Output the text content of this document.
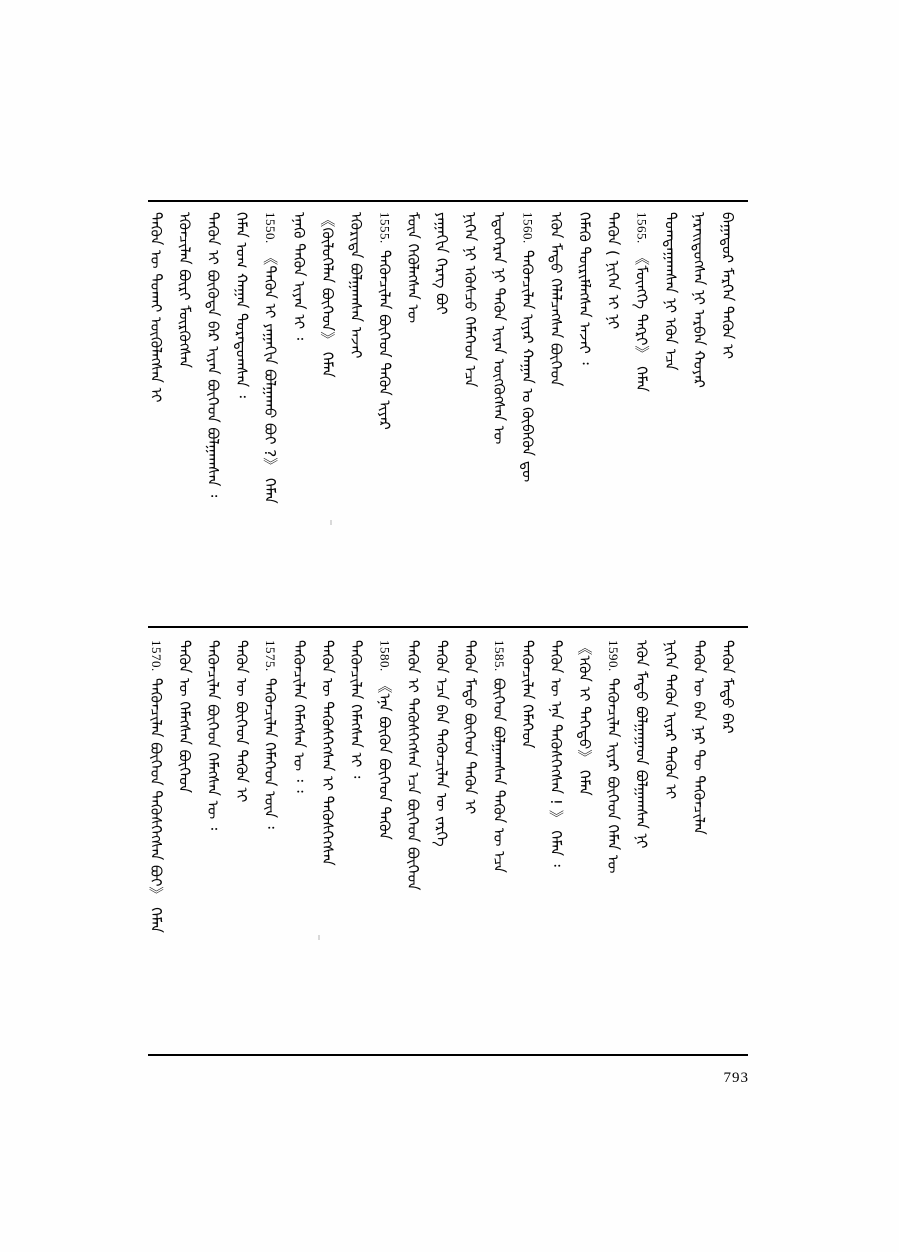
ᠪᠠᠭᠠᠲᠤᠷ ᠮᠡᠷᠭᠡᠨ ᠲᠡᠭᠦᠨ ᠢ
ᠨᠡᠷᠡᠢᠳᠦᠭᠰᠡᠨ ᠨᠢ ᠠᠷᠪᠠᠨ ᠬᠣᠶᠠᠷ
ᠲᠣᠭᠲᠠᠭᠠᠭᠰᠠᠨ ᠨᠢ ᠡᠭᠦᠨ ᠡᠴᠡ
1565.
《ᠮᠥᠩᠬᠡ ᠲᠩᠷᠢ》 ᠬᠡᠮᠡᠨ
ᠲᠡᠭᠦᠨ ( ᠨᠢᠭᠡᠨ ᠢ ᠨᠢ
ᠬᠡᠮᠡᠬᠦ ᠳᠦᠷᠢᠮᠯᠡᠭᠰᠡᠨ ᠠᠵᠠᠢ ᠄
ᠡᠭᠦᠨ ᠮᠡᠲᠦ ᠬᠡᠯᠡᠯᠴᠡᠭᠰᠡᠨ ᠪᠥᠭᠡᠳ
1560.
ᠲᠡᠭᠦᠨᠴᠢᠯᠡᠨ ᠢᠶᠡᠷ ᠬᠠᠭᠠᠨ ᠤ ᠬᠥᠪᠡᠭᠦᠨ ᠳᠦ
ᠡᠳᠦᠭᠡᠷᠡᠨ ᠨᠢ ᠲᠡᠭᠦᠨ ᠢᠶᠡᠨ ᠥᠭᠭᠦᠭᠰᠡᠨ ᠦ
ᠨᠢᠭᠡᠨ ᠨᠢ ᠡᠭᠦᠰᠴᠦ ᠬᠡᠮᠡᠭᠡᠳ ᠡᠴᠡ
ᠶᠠᠭᠠᠬᠢᠨ ᠬᠡᠷᠡᠭ ᠪᠣᠢ
ᠮᠥᠨ ᠭᠡᠭᠦᠯᠡᠭᠰᠡᠨ ᠦ
1555.
ᠲᠡᠭᠦᠨᠴᠢᠯᠡᠨ ᠪᠥᠭᠡᠳ ᠲᠡᠭᠦᠨ ᠢᠶᠡᠷ
ᠡᠭᠦᠷᠢᠳᠡ ᠪᠣᠯᠭᠠᠭᠰᠠᠨ ᠠᠵᠠᠢ
《ᠬᠥᠯᠦᠭᠡᠯᠡᠨ ᠪᠥᠭᠡᠳ》 ᠬᠡᠮᠡᠨ
ᠡᠨᠡᠬᠦ ᠲᠡᠭᠦᠨ ᠢᠶᠡᠨ ᠢ ᠄
1550.
《ᠲᠡᠭᠦᠨ ᠢ ᠶᠠᠭᠠᠬᠢᠨ ᠪᠣᠯᠭᠠᠬᠤ ᠪᠤᠢ ?》 ᠬᠡᠮᠡᠨ
ᠬᠡᠮᠡᠨ ᠤᠭ ᠬᠠᠭᠠᠨ ᠳᠤᠷᠠᠳᠤᠭᠰᠠᠨ ᠄
ᠲᠡᠭᠦᠨ ᠢ ᠪᠦᠭᠦᠳᠡ ᠪᠡᠷ ᠢᠶᠡᠨ ᠪᠥᠭᠡᠳ ᠪᠣᠯᠭᠠᠭᠰᠠᠨ ᠄
ᠡᠭᠦᠨᠴᠢᠯᠡᠨ ᠪᠦᠷᠢ ᠮᠥᠷᠭᠦᠭᠰᠡᠨ
ᠲᠡᠭᠦᠨ ᠦ ᠲᠤᠬᠠᠢ ᠦᠭᠦᠯᠡᠭᠰᠡᠨ ᠢ
ᠲᠡᠭᠦᠨ ᠮᠡᠲᠦ ᠪᠡᠷ
ᠲᠡᠭᠦᠨ ᠦ ᠪᠡᠨ ᠨᠡᠷ ᠲᠦ ᠲᠡᠭᠦᠨᠴᠢᠯᠡᠨ
ᠨᠢᠭᠡᠨ ᠲᠡᠭᠦᠨ ᠢᠶᠡᠷ ᠲᠡᠭᠦᠨ ᠢ
ᠡᠭᠦᠨ ᠮᠡᠲᠦ ᠪᠣᠯᠭᠠᠭᠠᠳ ᠪᠣᠯᠭᠠᠭᠰᠠᠨ ᠨᠢ
1590.
ᠲᠡᠭᠦᠨᠴᠢᠯᠡᠨ ᠢᠶᠡᠷ ᠪᠥᠭᠡᠳ ᠬᠡᠮᠡᠨ ᠦ
《ᠡᠭᠦᠨ ᠢ ᠳᠡᠭᠡᠳᠦ》 ᠬᠡᠮᠡᠨ
ᠲᠡᠭᠦᠨ ᠦ ᠡᠨᠡ ᠲᠡᠭᠦᠰᠬᠡᠭᠰᠡᠨ ! 》 ᠬᠡᠮᠡᠨ ᠄
ᠲᠡᠭᠦᠨᠴᠢᠯᠡᠨ ᠬᠡᠮᠡᠭᠡᠳ
1585.
ᠪᠥᠭᠡᠳ ᠪᠣᠯᠭᠠᠭᠰᠠᠨ ᠲᠡᠭᠦᠨ ᠦ ᠡᠴᠡ
ᠲᠡᠭᠦᠨ ᠮᠡᠲᠦ ᠪᠥᠭᠡᠳ ᠲᠡᠭᠦᠨ ᠢ
ᠲᠡᠭᠦᠨ ᠡᠴᠡ ᠪᠡᠨ ᠲᠡᠭᠦᠨᠴᠢᠯᠡᠨ ᠦ ᠵᠡᠷᠭᠡ
ᠲᠡᠭᠦᠨ ᠢ ᠲᠡᠭᠦᠰᠬᠡᠭᠰᠡᠨ ᠡᠴᠡ ᠪᠥᠭᠡᠳ ᠪᠥᠭᠡᠳ
1580.
《ᠡᠨᠡ ᠪᠦᠬᠦᠨ ᠪᠥᠭᠡᠳ ᠲᠡᠭᠦᠨ
ᠲᠡᠭᠦᠨᠴᠢᠯᠡᠨ ᠬᠡᠮᠡᠭᠰᠡᠨ ᠢ ᠄
ᠲᠡᠭᠦᠨ ᠦ ᠲᠡᠭᠦᠰᠬᠡᠭᠰᠡᠨ ᠢ ᠲᠡᠭᠦᠰᠬᠡᠭᠰᠡᠨ
ᠲᠡᠭᠦᠨᠴᠢᠯᠡᠨ ᠬᠡᠮᠡᠭᠰᠡᠨ ᠦ ᠄ ᠄
1575.
ᠲᠡᠭᠦᠨᠴᠢᠯᠡᠨ ᠬᠡᠮᠡᠭᠡᠳ ᠦᠨ ᠄
ᠲᠡᠭᠦᠨ ᠦ ᠪᠥᠭᠡᠳ ᠲᠡᠭᠦᠨ ᠢ
ᠲᠡᠭᠦᠨᠴᠢᠯᠡᠨ ᠪᠥᠭᠡᠳ ᠬᠡᠮᠡᠭᠰᠡᠨ ᠦ ᠄
ᠲᠡᠭᠦᠨ ᠦ ᠬᠡᠮᠡᠭᠰᠡᠨ ᠪᠥᠭᠡᠳ
1570.
ᠲᠡᠭᠦᠨᠴᠢᠯᠡᠨ ᠪᠥᠭᠡᠳ ᠲᠡᠭᠦᠰᠬᠡᠭᠰᠡᠨ ᠪᠣᠢ》 ᠬᠡᠮᠡᠨ
793
